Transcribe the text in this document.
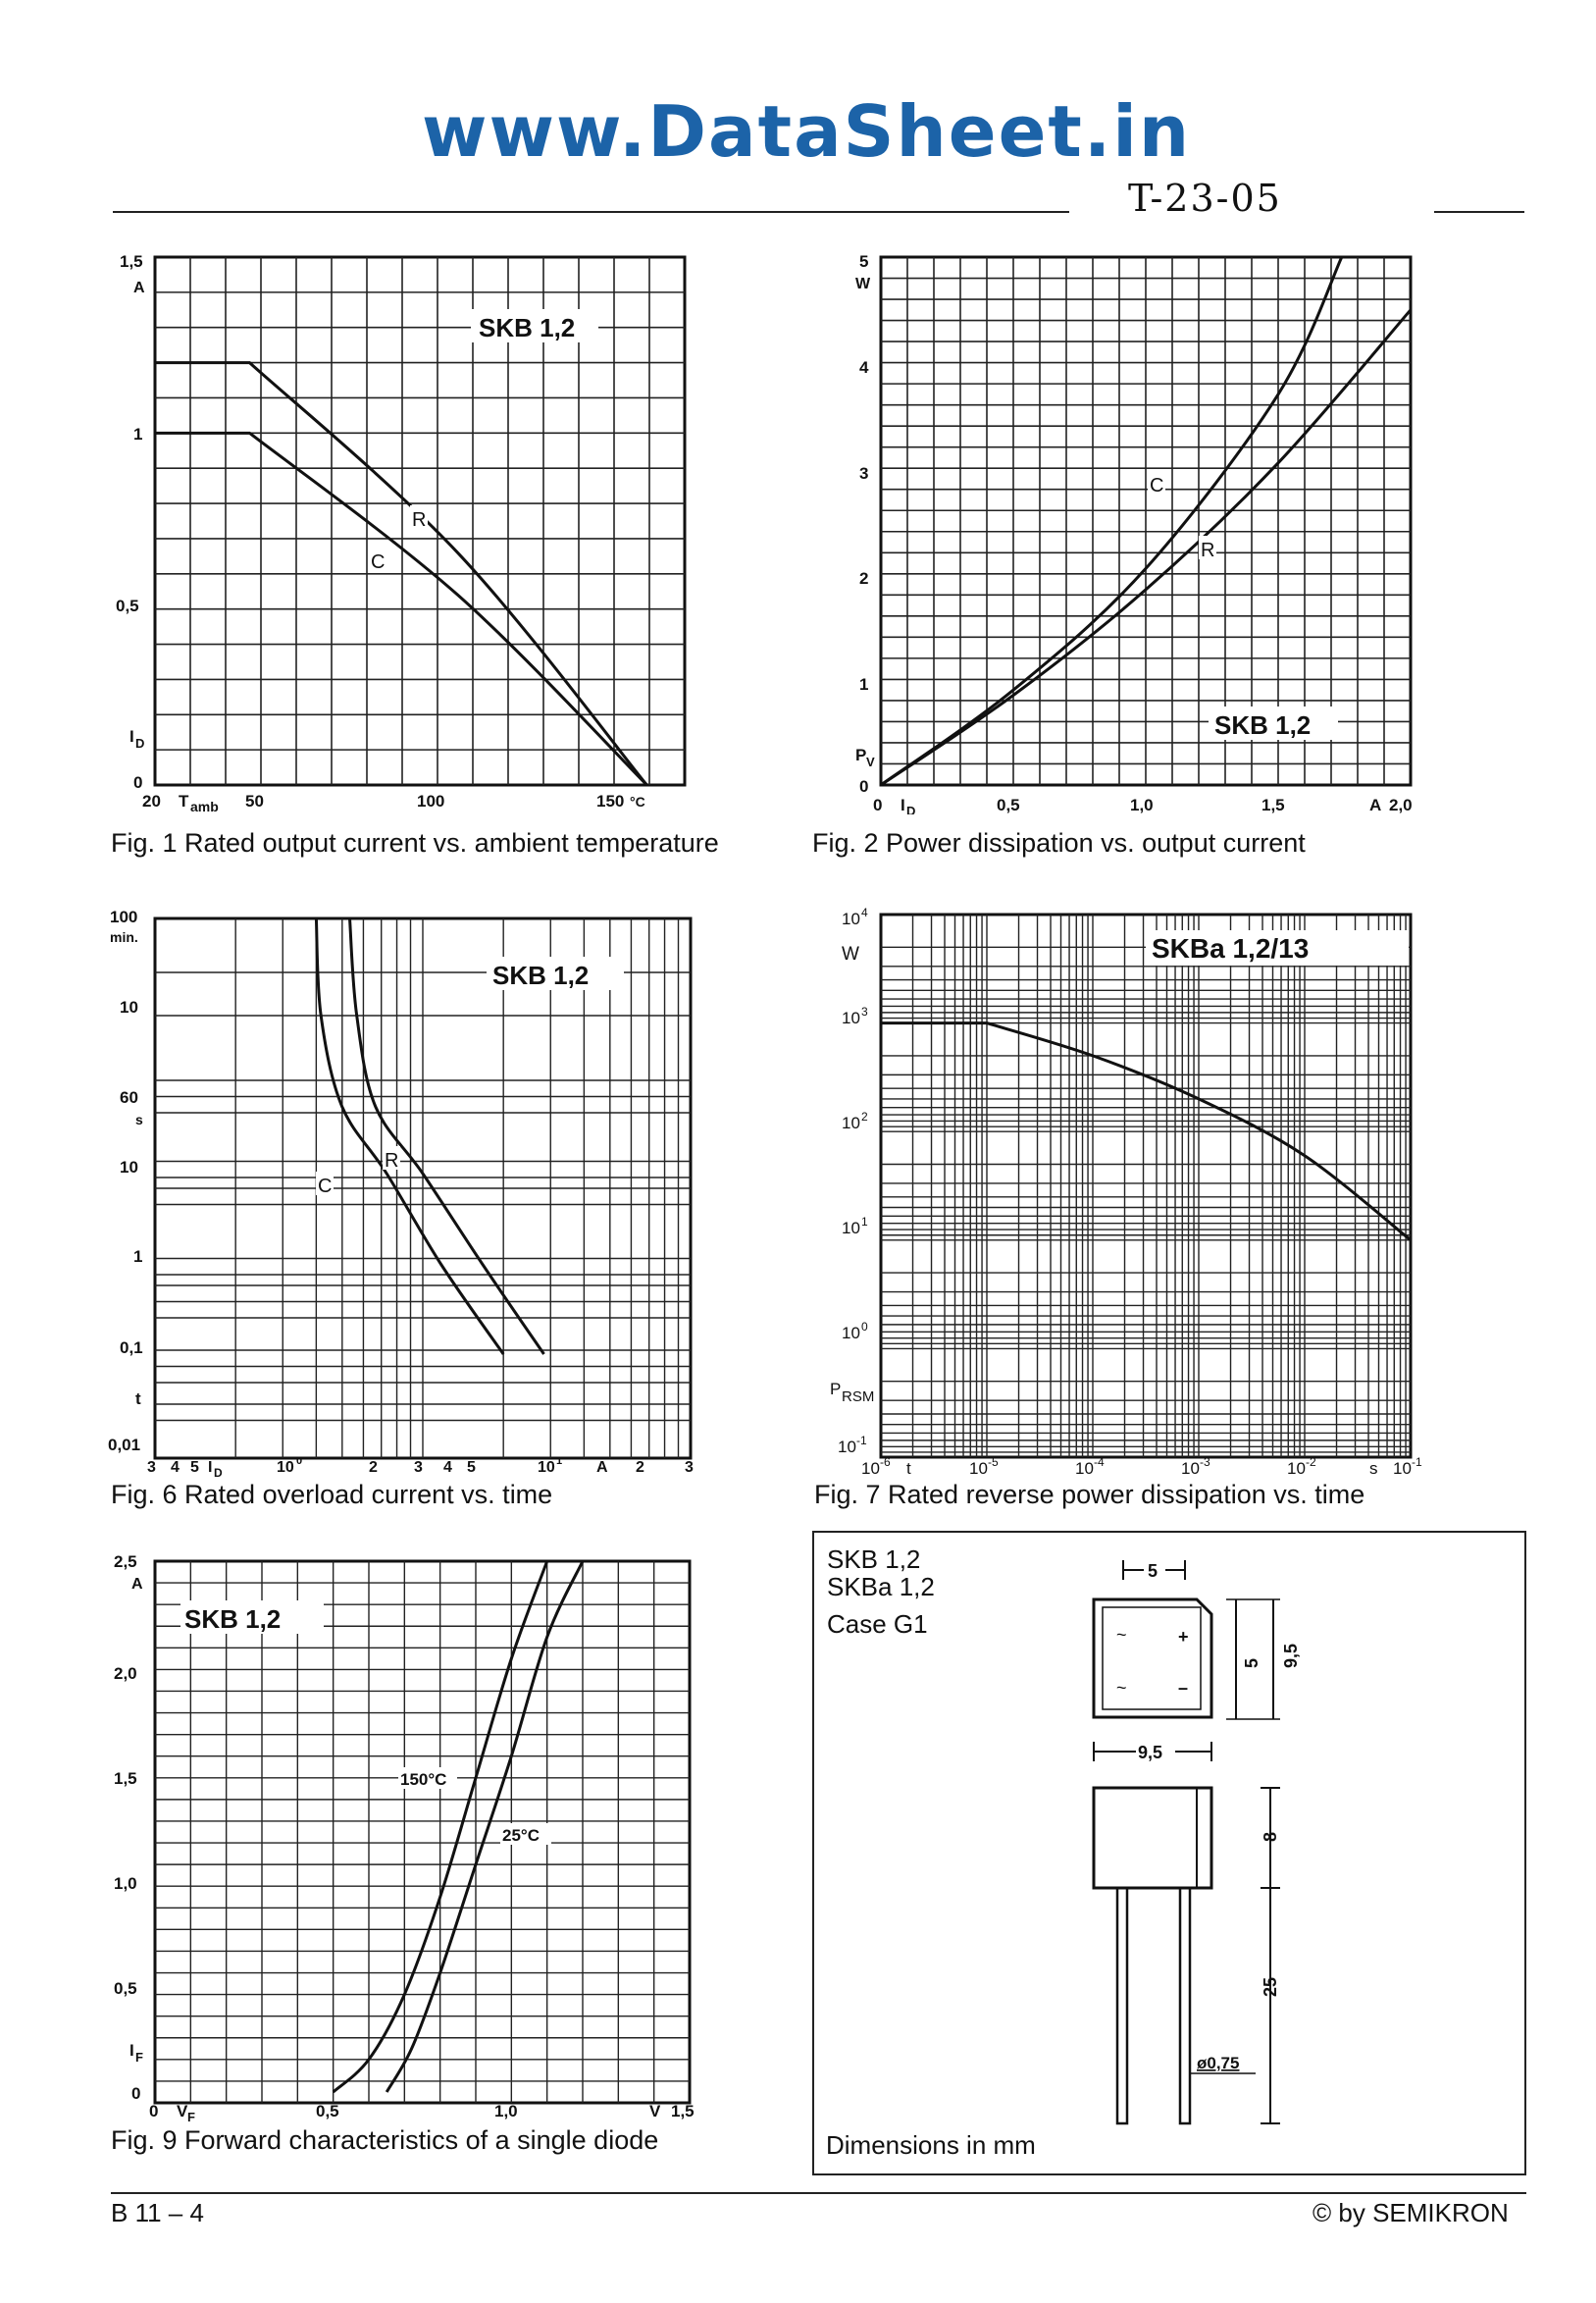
www.DataSheet.in
T-23-05
SKB 1,2
R
C
1,5
A
1
0,5
I D
0
20 T amb 50	100	150 °C
Fig. 1 Rated output current vs. ambient temperature
C
R
SKB 1,2
5
W
4
3
2
1
P V
0
0 I D	0,5	1,0	1,5	A 2,0
Fig. 2 Power dissipation vs. output current
SKB 1,2
R
C
100
min.
10
60
s
10
1
0,1
t
0,01
3 4 5 I D	10 0	2 3 4 5	10 1 A 2	3
Fig. 6 Rated overload current vs. time
SKBa 1,2/13
10 4
W
10 3
10 2
10 1
10 0
P RSM
10 -1
10 -6 t	10 -5	10 -4	10 -3	10 -2	s 10 -1
Fig. 7 Rated reverse power dissipation vs. time
SKB 1,2
150°C
25°C
2,5
A
2,0
1,5
1,0
0,5
I F
0
0 V F	0,5	1,0	V 1,5
Fig. 9 Forward characteristics of a single diode
SKB 1,2
SKBa 1,2
Case G1
Dimensions in mm
5
~	+
~	–
9,5
5
9,5
8
25
ø0,75
B 11 – 4	© by SEMIKRON
